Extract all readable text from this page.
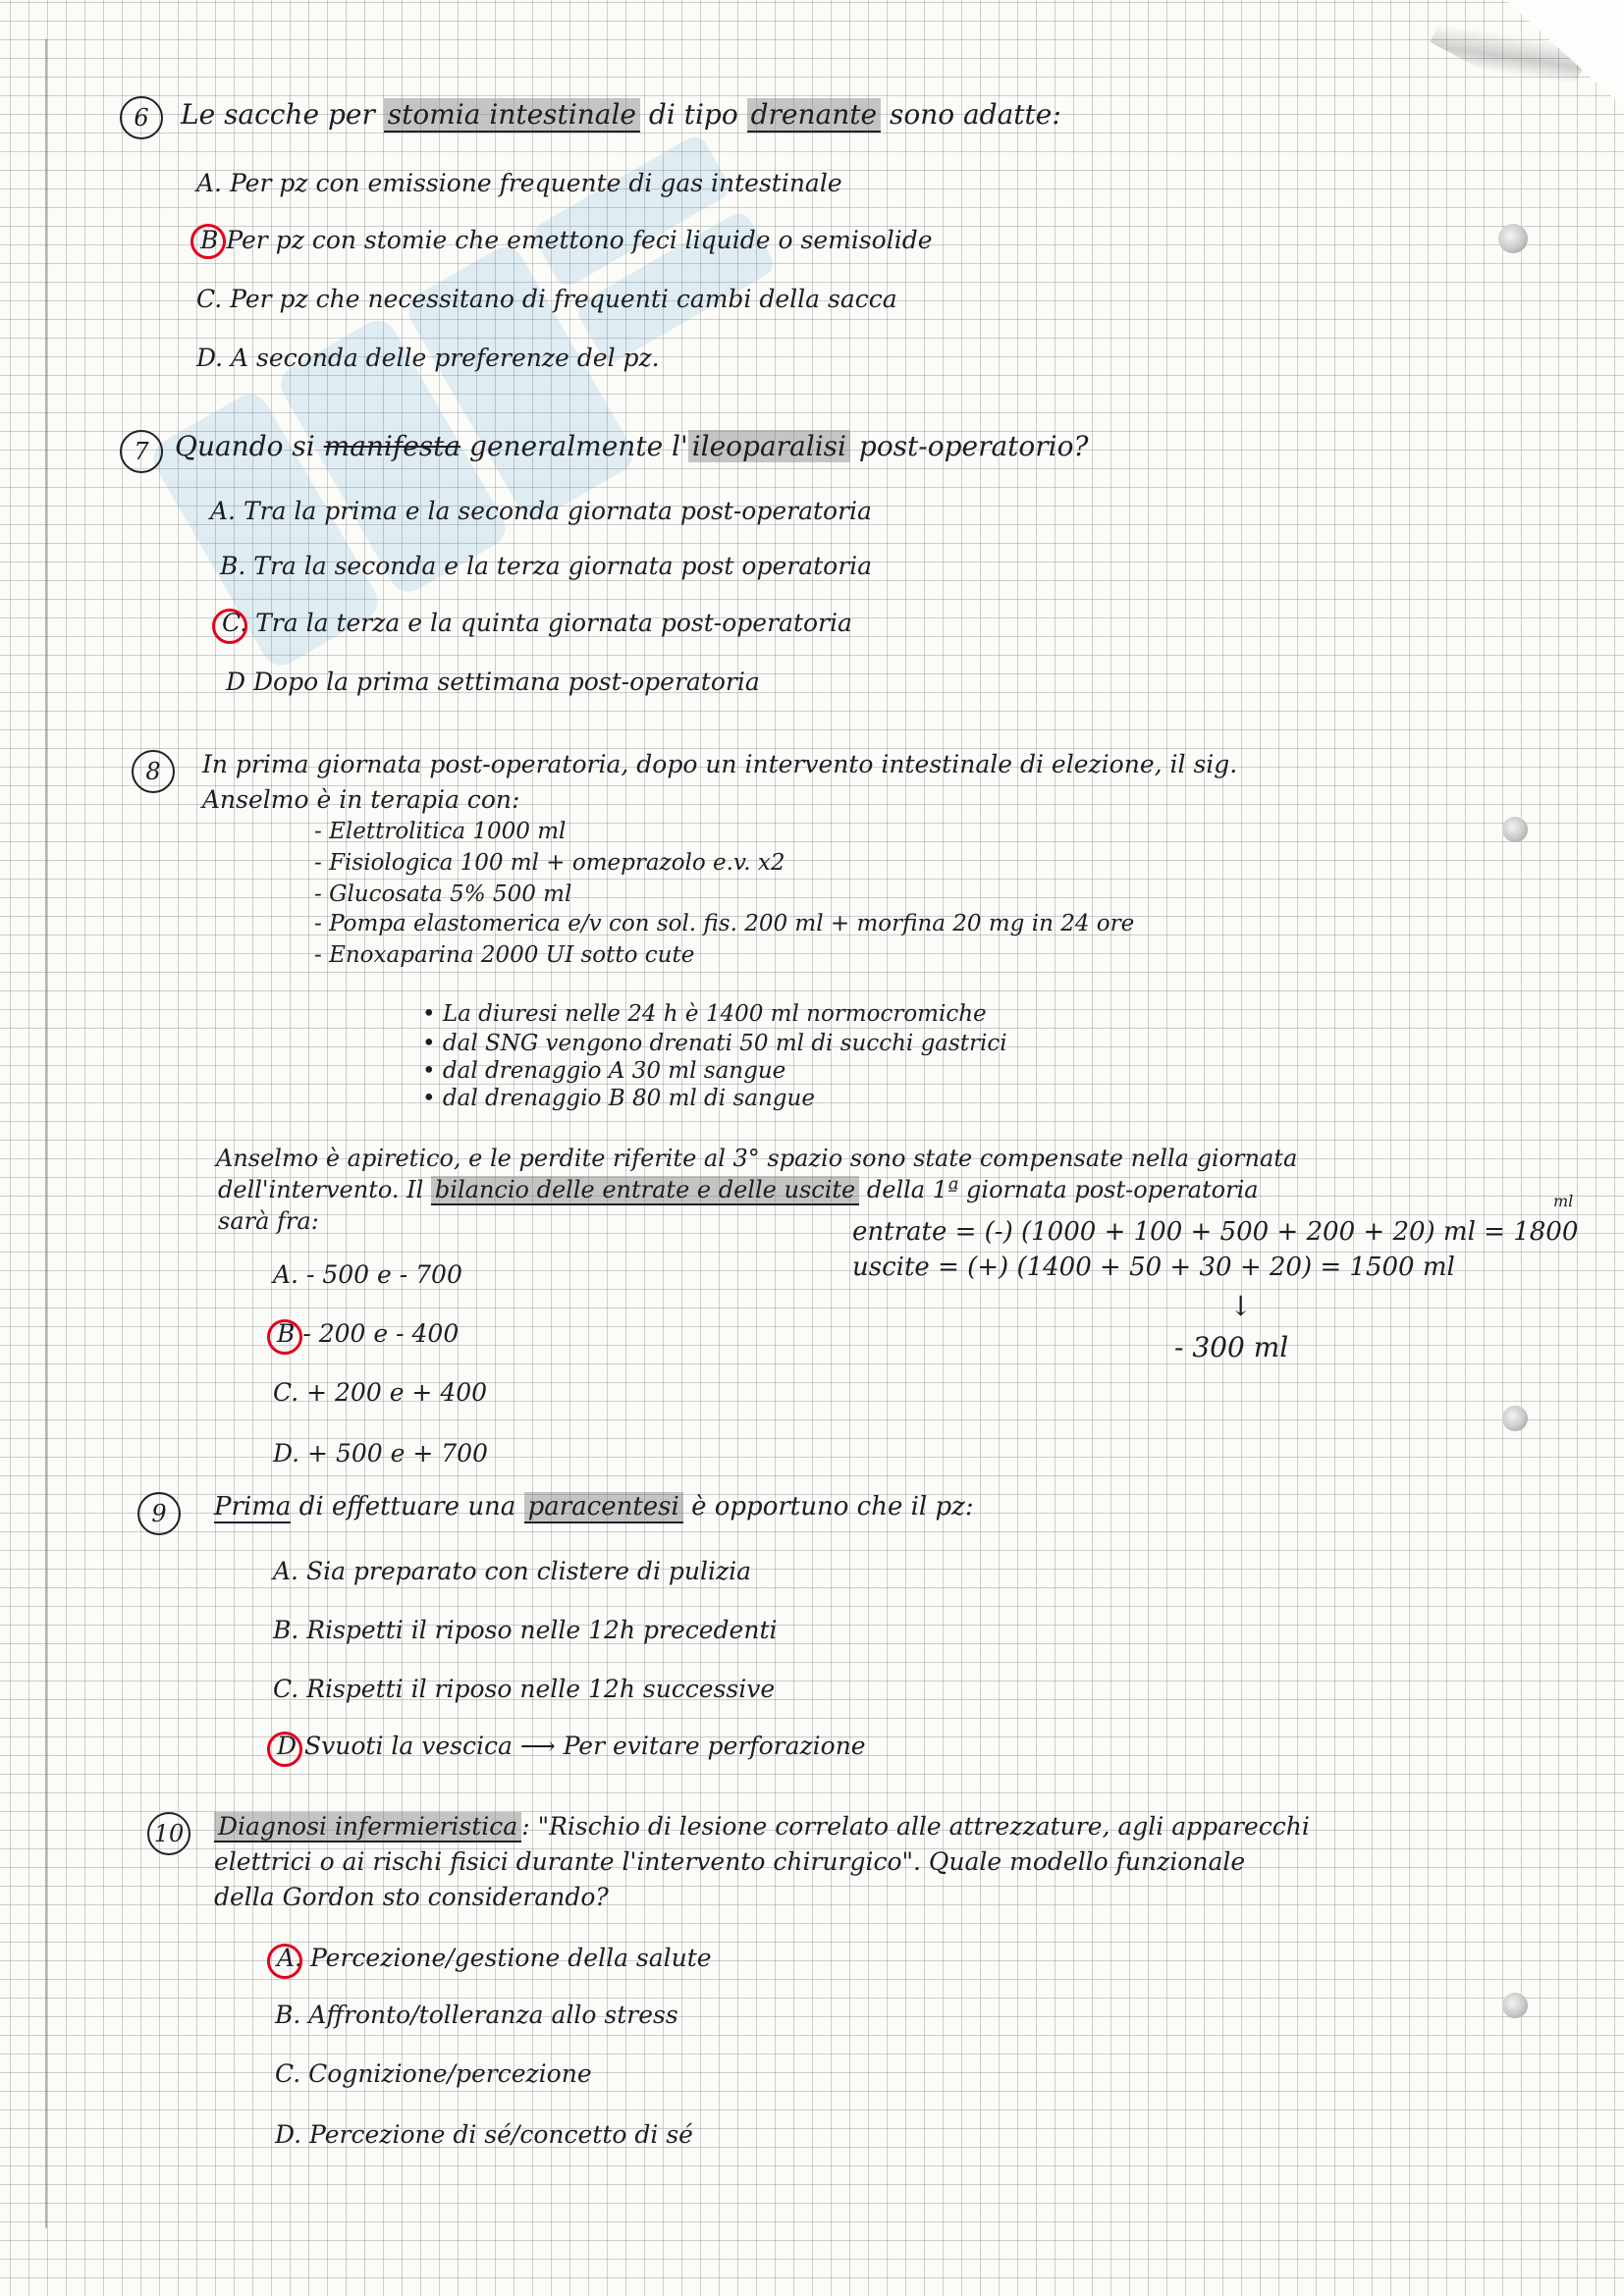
6 Le sacche per stomia intestinale di tipo drenante sono adatte:
A. Per pz con emissione frequente di gas intestinale
B Per pz con stomie che emettono feci liquide o semisolide
C. Per pz che necessitano di frequenti cambi della sacca
D. A seconda delle preferenze del pz.
7 Quando si manifesta generalmente l' ileoparalisi post-operatorio?
A. Tra la prima e la seconda giornata post-operatoria
B. Tra la seconda e la terza giornata post operatoria
C. Tra la terza e la quinta giornata post-operatoria
D Dopo la prima settimana post-operatoria
8 In prima giornata post-operatoria, dopo un intervento intestinale di elezione, il sig.
Anselmo è in terapia con:
- Elettrolitica 1000 ml
- Fisiologica 100 ml + omeprazolo e.v. x2
- Glucosata 5% 500 ml
- Pompa elastomerica e/v con sol. fis. 200 ml + morfina 20 mg in 24 ore
- Enoxaparina 2000 UI sotto cute
• La diuresi nelle 24 h è 1400 ml normocromiche
• dal SNG vengono drenati 50 ml di succhi gastrici
• dal drenaggio A 30 ml sangue
• dal drenaggio B 80 ml di sangue
Anselmo è apiretico, e le perdite riferite al 3° spazio sono state compensate nella giornata
dell'intervento. Il bilancio delle entrate e delle uscite della 1ª giornata post-operatoria
sarà fra:
A. - 500 e - 700
B - 200 e - 400
C. + 200 e + 400
D. + 500 e + 700
ml
entrate = (-) (1000 + 100 + 500 + 200 + 20) ml = 1800
uscite = (+) (1400 + 50 + 30 + 20) = 1500 ml
↓
- 300 ml
9 Prima di effettuare una paracentesi è opportuno che il pz:
A. Sia preparato con clistere di pulizia
B. Rispetti il riposo nelle 12h precedenti
C. Rispetti il riposo nelle 12h successive
D Svuoti la vescica ⟶ Per evitare perforazione
10 Diagnosi infermieristica : "Rischio di lesione correlato alle attrezzature, agli apparecchi
elettrici o ai rischi fisici durante l'intervento chirurgico". Quale modello funzionale
della Gordon sto considerando?
A. Percezione/gestione della salute
B. Affronto/tolleranza allo stress
C. Cognizione/percezione
D. Percezione di sé/concetto di sé
